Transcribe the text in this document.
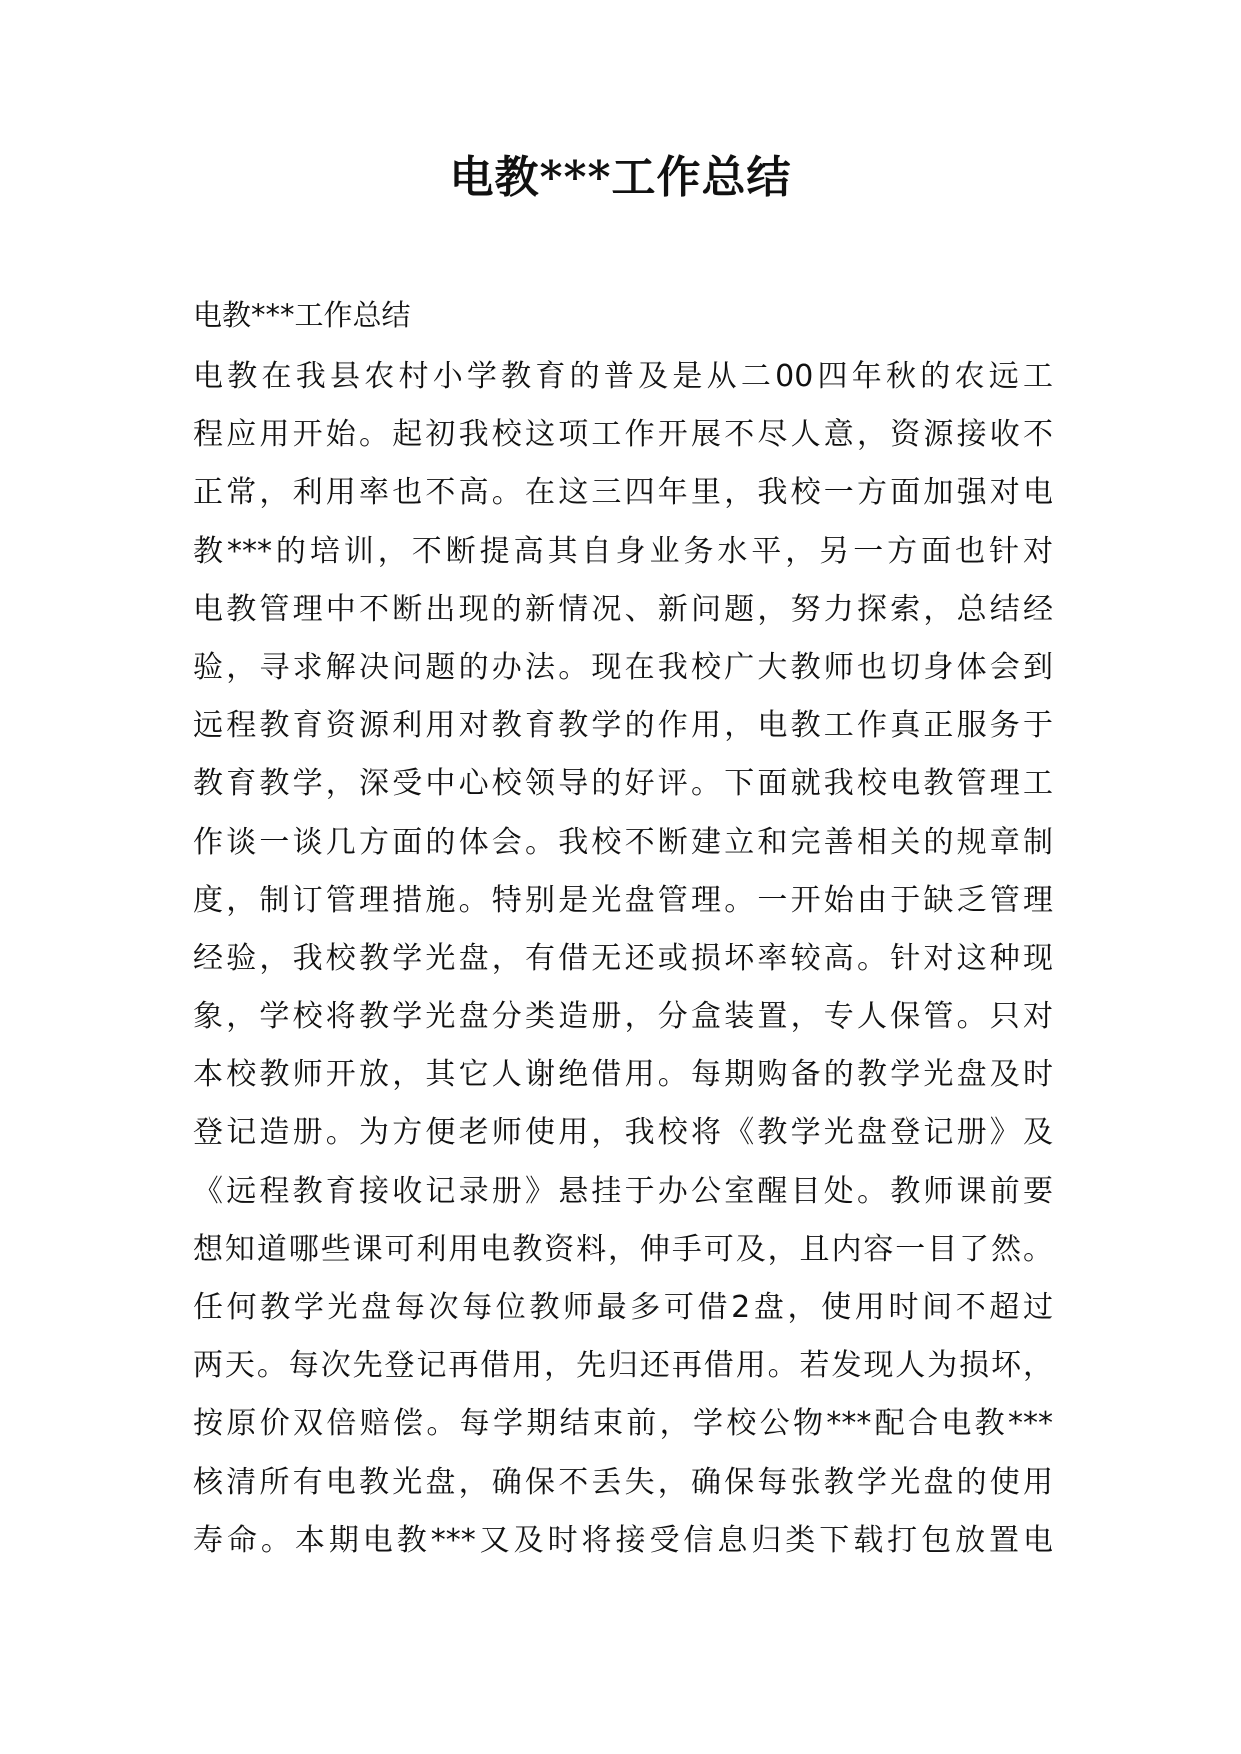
电教***工作总结

电教***工作总结

电教在我县农村小学教育的普及是从二00四年秋的农远工
程应用开始。起初我校这项工作开展不尽人意，资源接收不
正常，利用率也不高。在这三四年里，我校一方面加强对电
教***的培训，不断提高其自身业务水平，另一方面也针对
电教管理中不断出现的新情况、新问题，努力探索，总结经
验，寻求解决问题的办法。现在我校广大教师也切身体会到
远程教育资源利用对教育教学的作用，电教工作真正服务于
教育教学，深受中心校领导的好评。下面就我校电教管理工
作谈一谈几方面的体会。我校不断建立和完善相关的规章制
度，制订管理措施。特别是光盘管理。一开始由于缺乏管理
经验，我校教学光盘，有借无还或损坏率较高。针对这种现
象，学校将教学光盘分类造册，分盒装置，专人保管。只对
本校教师开放，其它人谢绝借用。每期购备的教学光盘及时
登记造册。为方便老师使用，我校将《教学光盘登记册》及
《远程教育接收记录册》悬挂于办公室醒目处。教师课前要
想知道哪些课可利用电教资料，伸手可及，且内容一目了然。
任何教学光盘每次每位教师最多可借2盘，使用时间不超过
两天。每次先登记再借用，先归还再借用。若发现人为损坏，
按原价双倍赔偿。每学期结束前，学校公物***配合电教***
核清所有电教光盘，确保不丢失，确保每张教学光盘的使用
寿命。本期电教***又及时将接受信息归类下载打包放置电
